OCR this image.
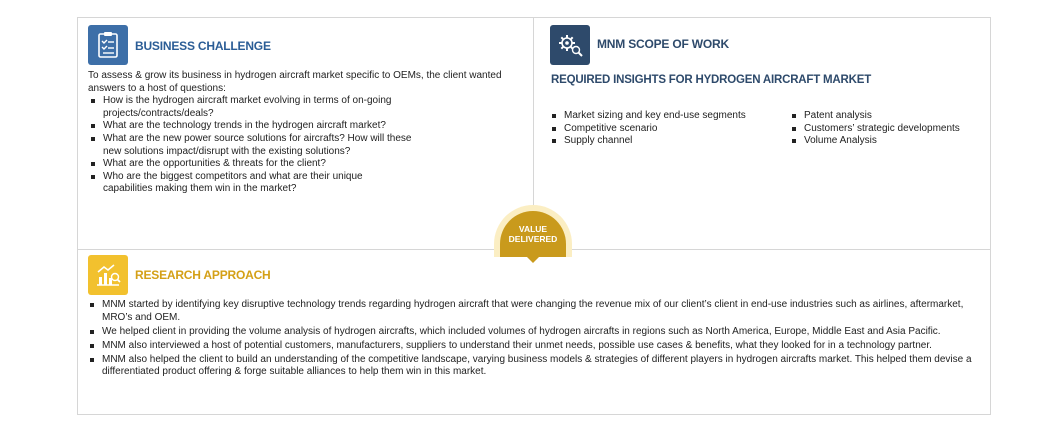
BUSINESS CHALLENGE
To assess & grow its business in hydrogen aircraft market specific to OEMs, the client wanted answers to a host of questions:
How is the hydrogen aircraft market evolving in terms of on-going projects/contracts/deals?
What are the technology trends in the hydrogen aircraft market?
What are the new power source solutions for aircrafts? How will these new solutions impact/disrupt with the existing solutions?
What are the opportunities & threats for the client?
Who are the biggest competitors and what are their unique capabilities making them win in the market?
MNM SCOPE OF WORK
REQUIRED INSIGHTS FOR HYDROGEN AIRCRAFT MARKET
Market sizing and key end-use segments
Competitive scenario
Supply channel
Patent analysis
Customers’ strategic developments
Volume Analysis
VALUE
DELIVERED
RESEARCH APPROACH
MNM started by identifying key disruptive technology trends regarding hydrogen aircraft that were changing the revenue mix of our client’s client in end-use industries such as airlines, aftermarket, MRO’s and OEM.
We helped client in providing the volume analysis of hydrogen aircrafts, which included volumes of hydrogen aircrafts in regions such as North America, Europe, Middle East and Asia Pacific.
MNM also interviewed a host of potential customers, manufacturers, suppliers to understand their unmet needs, possible use cases & benefits, what they looked for in a technology partner.
MNM also helped the client to build an understanding of the competitive landscape, varying business models & strategies of different players in hydrogen aircrafts market. This helped them devise a differentiated product offering & forge suitable alliances to help them win in this market.
